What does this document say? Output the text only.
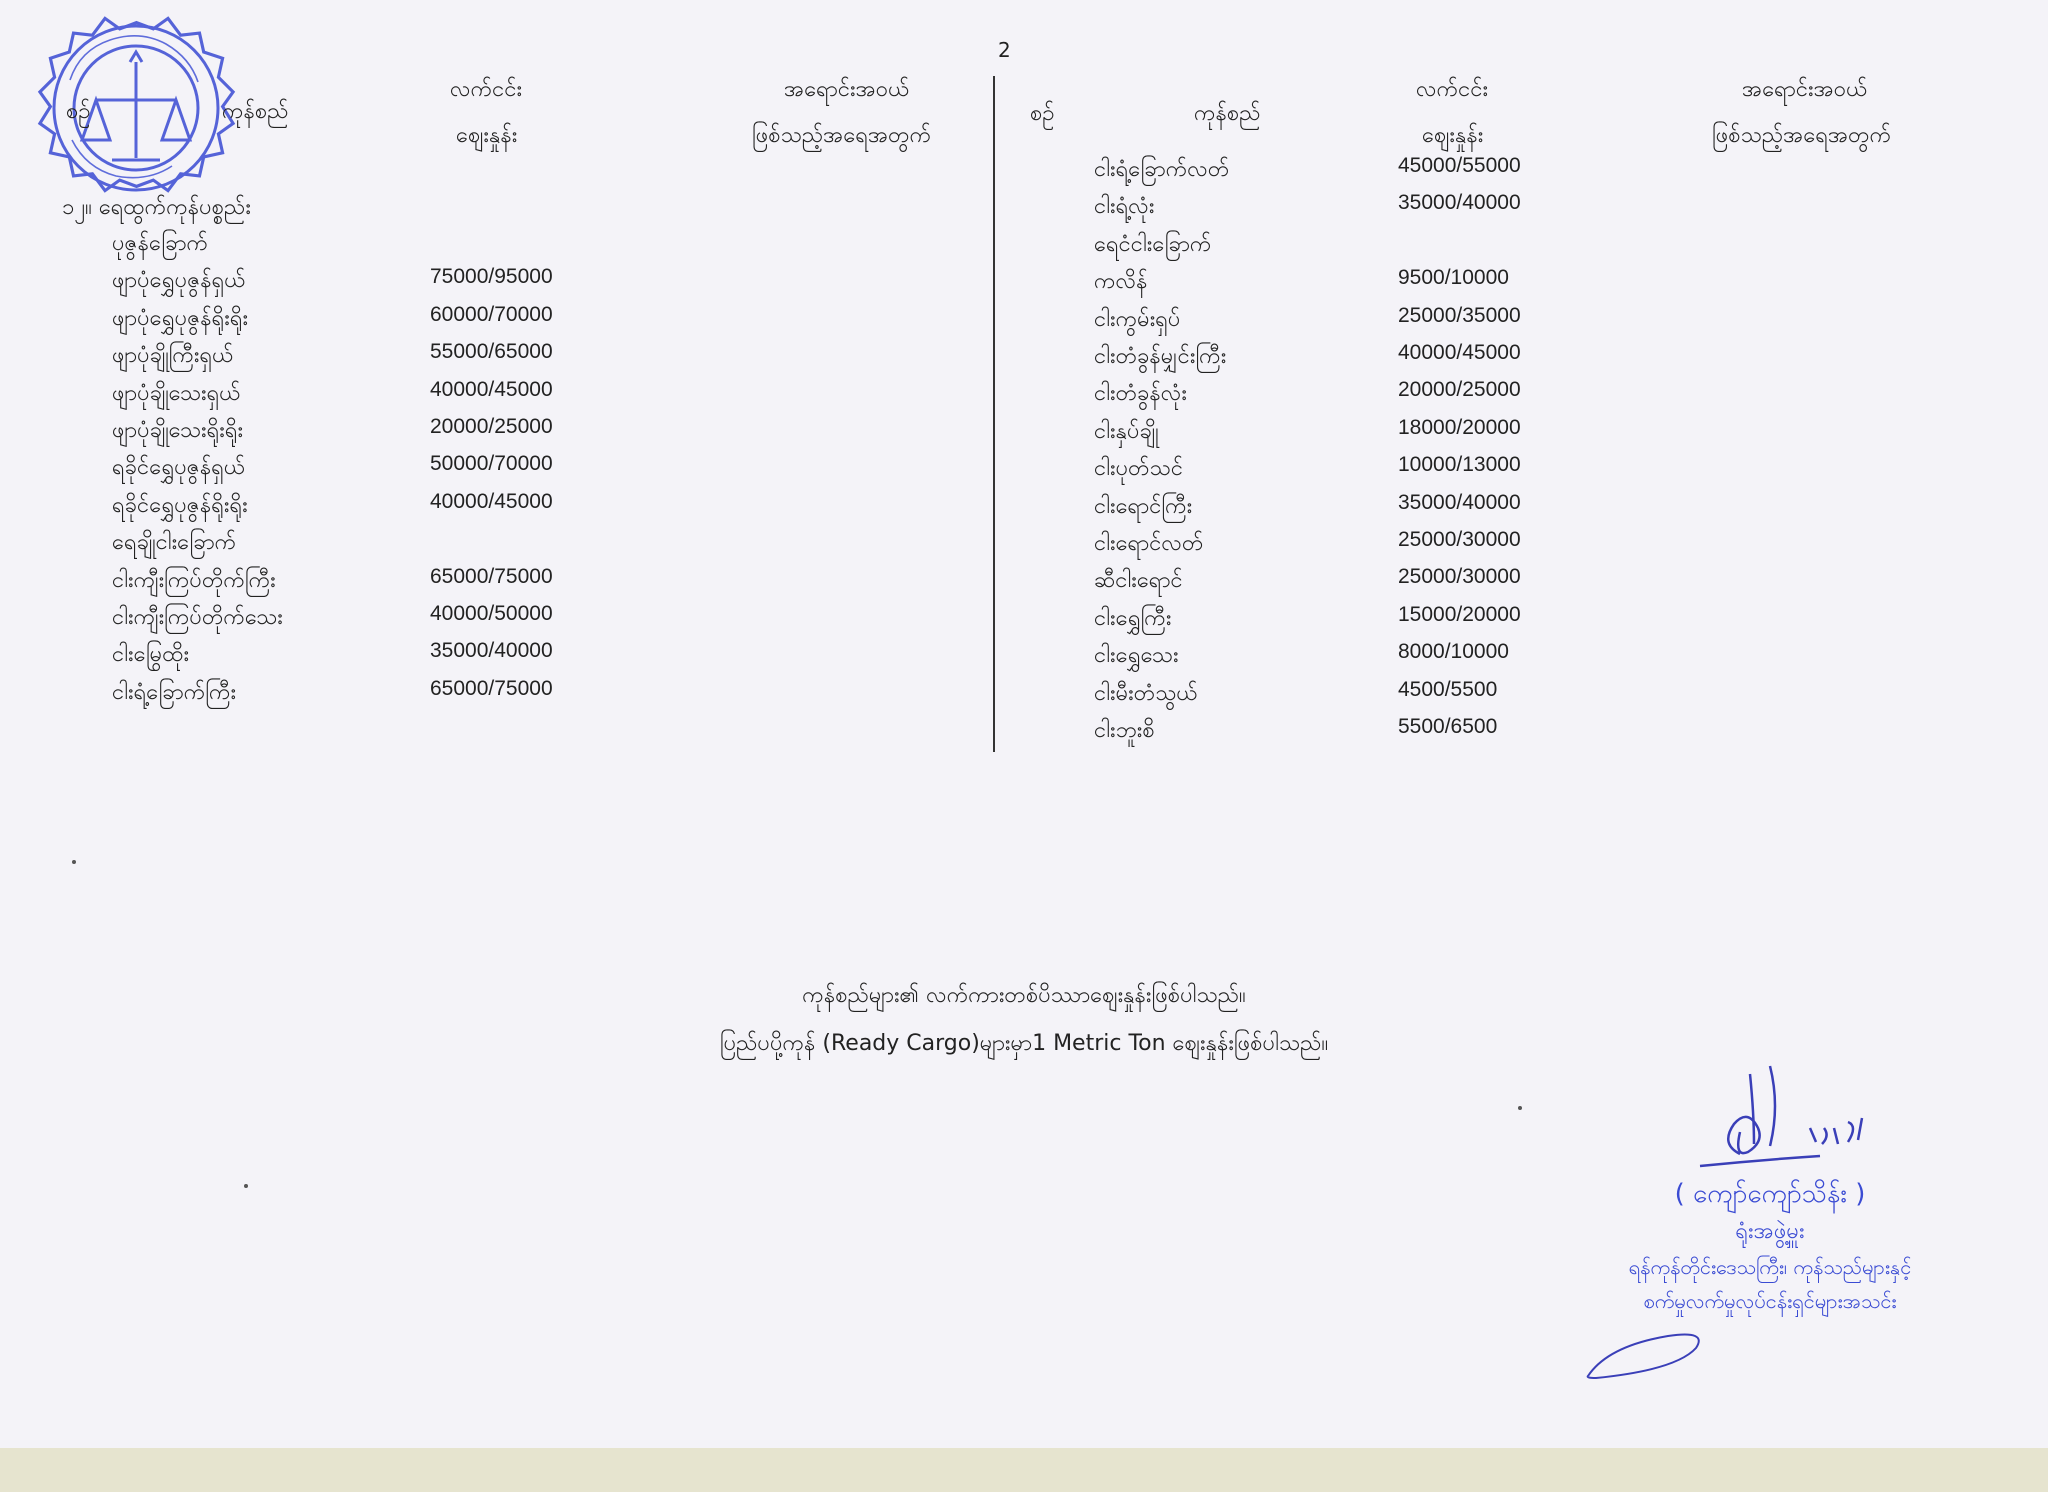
2
စဉ်	ကုန်စည်
လက်ငင်း
ဈေးနှုန်း
အရောင်းအဝယ်
ဖြစ်သည့်အရေအတွက်
၁၂။ ရေထွက်ကုန်ပစ္စည်း
ပုဇွန်ခြောက်
ဖျာပုံရွှေပုဇွန်ရှယ်	75000/95000
ဖျာပုံရွှေပုဇွန်ရိုးရိုး	60000/70000
ဖျာပုံချိုကြီးရှယ်	55000/65000
ဖျာပုံချိုသေးရှယ်	40000/45000
ဖျာပုံချိုသေးရိုးရိုး	20000/25000
ရခိုင်ရွှေပုဇွန်ရှယ်	50000/70000
ရခိုင်ရွှေပုဇွန်ရိုးရိုး	40000/45000
ရေချိုငါးခြောက်
ငါးကျီးကြပ်တိုက်ကြီး	65000/75000
ငါးကျီးကြပ်တိုက်သေး	40000/50000
ငါးမြွေထိုး	35000/40000
ငါးရံ့ခြောက်ကြီး	65000/75000
စဉ်	ကုန်စည်
လက်ငင်း
ဈေးနှုန်း
အရောင်းအဝယ်
ဖြစ်သည့်အရေအတွက်
ငါးရံ့ခြောက်လတ်	45000/55000
ငါးရံ့လုံး	35000/40000
ရေငံငါးခြောက်
ကလိန်	9500/10000
ငါးကွမ်းရှပ်	25000/35000
ငါးတံခွန်မျှင်းကြီး	40000/45000
ငါးတံခွန်လုံး	20000/25000
ငါးနှပ်ချို	18000/20000
ငါးပုတ်သင်	10000/13000
ငါးရောင်ကြီး	35000/40000
ငါးရောင်လတ်	25000/30000
ဆီငါးရောင်	25000/30000
ငါးရွှေကြီး	15000/20000
ငါးရွှေသေး	8000/10000
ငါးမီးတံသွယ်	4500/5500
ငါးဘူးစိ	5500/6500
ကုန်စည်များ၏ လက်ကားတစ်ပိဿာဈေးနှုန်းဖြစ်ပါသည်။
ပြည်ပပို့ကုန် (Ready Cargo)များမှာ1 Metric Ton ဈေးနှုန်းဖြစ်ပါသည်။
( ကျော်ကျော်သိန်း )
ရုံးအဖွဲ့မှူး
ရန်ကုန်တိုင်းဒေသကြီး၊ ကုန်သည်များနှင့်
စက်မှုလက်မှုလုပ်ငန်းရှင်များအသင်း
